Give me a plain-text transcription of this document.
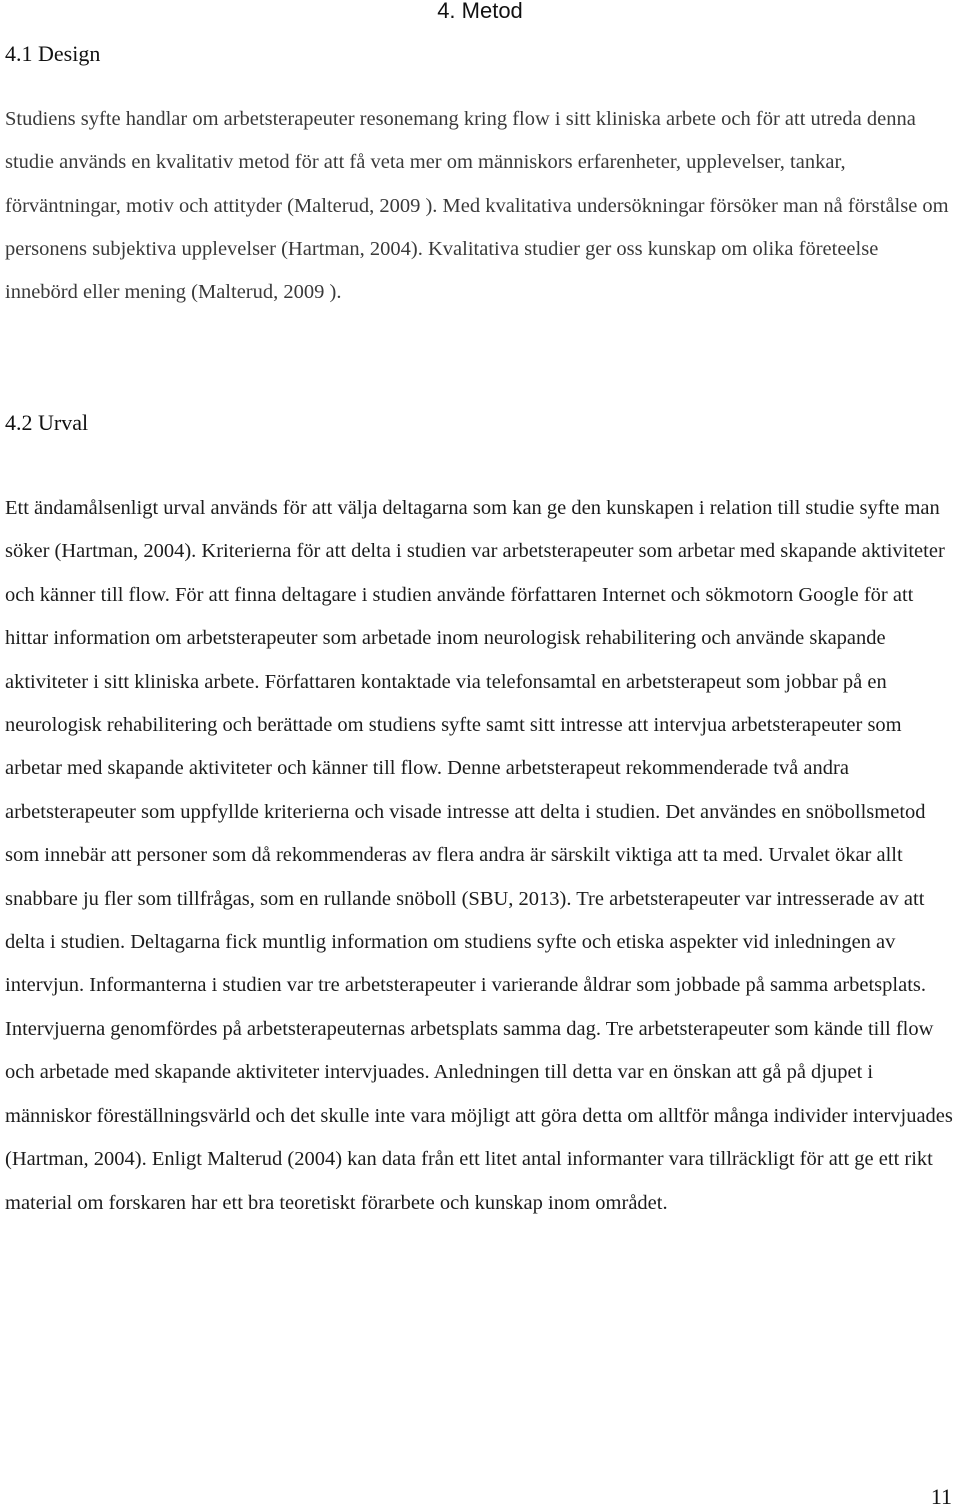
4. Metod
4.1 Design

Studiens syfte handlar om arbetsterapeuter resonemang kring flow i sitt kliniska arbete och för att utreda denna studie används en kvalitativ metod för att få veta mer om människors erfarenheter, upplevelser, tankar, förväntningar, motiv och attityder (Malterud, 2009 ). Med kvalitativa undersökningar försöker man nå förstålse om personens subjektiva upplevelser (Hartman, 2004). Kvalitativa studier ger oss kunskap om olika företeelse innebörd eller mening (Malterud, 2009 ).

4.2 Urval

Ett ändamålsenligt urval används för att välja deltagarna som kan ge den kunskapen i relation till studie syfte man söker (Hartman, 2004). Kriterierna för att delta i studien var arbetsterapeuter som arbetar med skapande aktiviteter och känner till flow. För att finna deltagare i studien använde författaren Internet och sökmotorn Google för att hittar information om arbetsterapeuter som arbetade inom neurologisk rehabilitering och använde skapande aktiviteter i sitt kliniska arbete. Författaren kontaktade via telefonsamtal en arbetsterapeut som jobbar på en neurologisk rehabilitering och berättade om studiens syfte samt sitt intresse att intervjua arbetsterapeuter som arbetar med skapande aktiviteter och känner till flow. Denne arbetsterapeut rekommenderade två andra arbetsterapeuter som uppfyllde kriterierna och visade intresse att delta i studien. Det användes en snöbollsmetod som innebär att personer som då rekommenderas av flera andra är särskilt viktiga att ta med. Urvalet ökar allt snabbare ju fler som tillfrågas, som en rullande snöboll (SBU, 2013). Tre arbetsterapeuter var intresserade av att delta i studien. Deltagarna fick muntlig information om studiens syfte och etiska aspekter vid inledningen av intervjun. Informanterna i studien var tre arbetsterapeuter i varierande åldrar som jobbade på samma arbetsplats. Intervjuerna genomfördes på arbetsterapeuternas arbetsplats samma dag. Tre arbetsterapeuter som kände till flow och arbetade med skapande aktiviteter intervjuades. Anledningen till detta var en önskan att gå på djupet i människor föreställningsvärld och det skulle inte vara möjligt att göra detta om alltför många individer intervjuades (Hartman, 2004). Enligt Malterud (2004) kan data från ett litet antal informanter vara tillräckligt för att ge ett rikt material om forskaren har ett bra teoretiskt förarbete och kunskap inom området.

11
